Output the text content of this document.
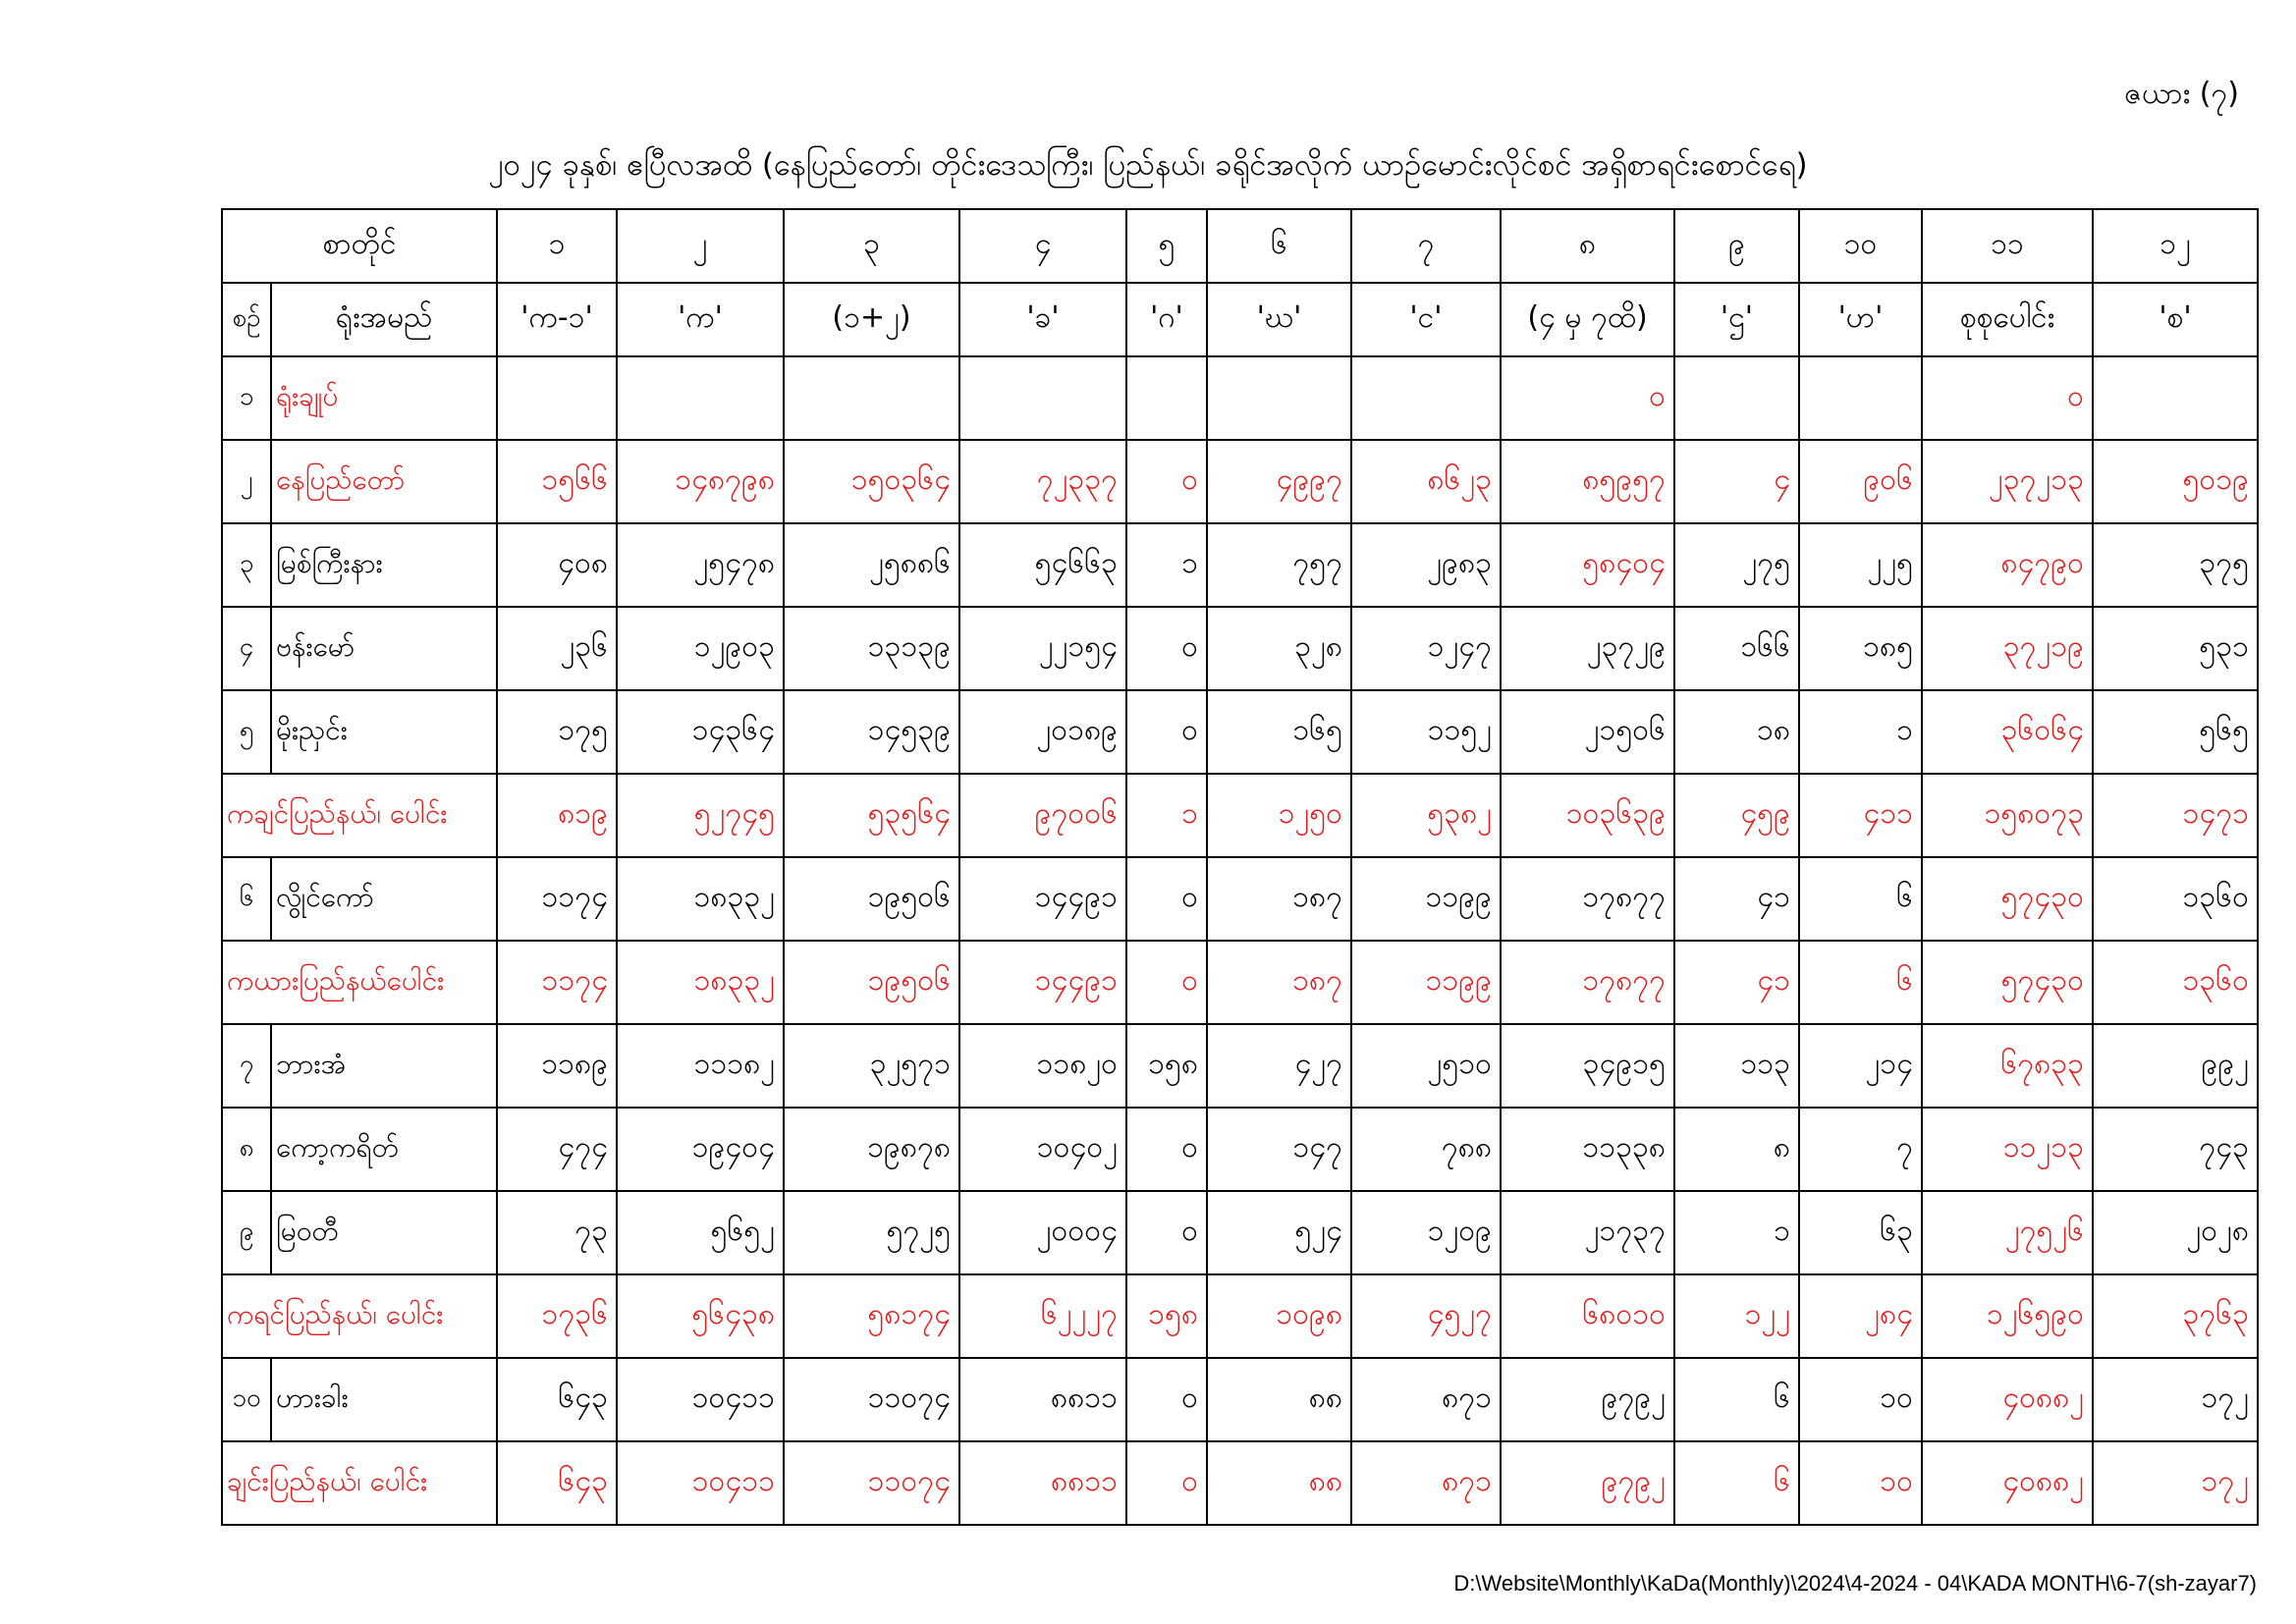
ဇယား (၇)
၂၀၂၄ ခုနှစ်၊ ဧပြီလအထိ (နေပြည်တော်၊ တိုင်းဒေသကြီး၊ ပြည်နယ်၊ ခရိုင်အလိုက် ယာဉ်မောင်းလိုင်စင် အရှိစာရင်းစောင်ရေ)
စာတိုင်		၁	၂	၃	၄	၅	၆	၇	၈	၉	၁၀	၁၁	၁၂
စဉ်	ရုံးအမည်	'က-၁'	'က'	(၁+၂)	'ခ'	'ဂ'	'ဃ'	'င'	(၄ မှ ၇ထိ)	'ဌ'	'ဟ'	စုစုပေါင်း	'စ'
၁	ရုံးချုပ်								၀			၀	
၂	နေပြည်တော်	၁၅၆၆	၁၄၈၇၉၈	၁၅၀၃၆၄	၇၂၃၃၇	၀	၄၉၉၇	၈၆၂၃	၈၅၉၅၇	၄	၉၀၆	၂၃၇၂၁၃	၅၀၁၉
၃	မြစ်ကြီးနား	၄၀၈	၂၅၄၇၈	၂၅၈၈၆	၅၄၆၆၃	၁	၇၅၇	၂၉၈၃	၅၈၄၀၄	၂၇၅	၂၂၅	၈၄၇၉၀	၃၇၅
၄	ဗန်းမော်	၂၃၆	၁၂၉၀၃	၁၃၁၃၉	၂၂၁၅၄	၀	၃၂၈	၁၂၄၇	၂၃၇၂၉	၁၆၆	၁၈၅	၃၇၂၁၉	၅၃၁
၅	မိုးညှင်း	၁၇၅	၁၄၃၆၄	၁၄၅၃၉	၂၀၁၈၉	၀	၁၆၅	၁၁၅၂	၂၁၅၀၆	၁၈	၁	၃၆၀၆၄	၅၆၅
ကချင်ပြည်နယ်၊ ပေါင်း		၈၁၉	၅၂၇၄၅	၅၃၅၆၄	၉၇၀၀၆	၁	၁၂၅၀	၅၃၈၂	၁၀၃၆၃၉	၄၅၉	၄၁၁	၁၅၈၀၇၃	၁၄၇၁
၆	လွိုင်ကော်	၁၁၇၄	၁၈၃၃၂	၁၉၅၀၆	၁၄၄၉၁	၀	၁၈၇	၁၁၉၉	၁၇၈၇၇	၄၁	၆	၅၇၄၃၀	၁၃၆၀
ကယားပြည်နယ်ပေါင်း		၁၁၇၄	၁၈၃၃၂	၁၉၅၀၆	၁၄၄၉၁	၀	၁၈၇	၁၁၉၉	၁၇၈၇၇	၄၁	၆	၅၇၄၃၀	၁၃၆၀
၇	ဘားအံ	၁၁၈၉	၁၁၁၈၂	၃၂၅၇၁	၁၁၈၂၀	၁၅၈	၄၂၇	၂၅၁၀	၃၄၉၁၅	၁၁၃	၂၁၄	၆၇၈၃၃	၉၉၂
၈	ကော့ကရိတ်	၄၇၄	၁၉၄၀၄	၁၉၈၇၈	၁၀၄၀၂	၀	၁၄၇	၇၈၈	၁၁၃၃၈	၈	၇	၁၁၂၁၃	၇၄၃
၉	မြဝတီ	၇၃	၅၆၅၂	၅၇၂၅	၂၀၀၀၄	၀	၅၂၄	၁၂၀၉	၂၁၇၃၇	၁	၆၃	၂၇၅၂၆	၂၀၂၈
ကရင်ပြည်နယ်၊ ပေါင်း		၁၇၃၆	၅၆၄၃၈	၅၈၁၇၄	၆၂၂၂၇	၁၅၈	၁၀၉၈	၄၅၂၇	၆၈၀၁၀	၁၂၂	၂၈၄	၁၂၆၅၉၀	၃၇၆၃
၁၀	ဟားခါး	၆၄၃	၁၀၄၁၁	၁၁၀၇၄	၈၈၁၁	၀	၈၈	၈၇၁	၉၇၉၂	၆	၁၀	၄၀၈၈၂	၁၇၂
ချင်းပြည်နယ်၊ ပေါင်း		၆၄၃	၁၀၄၁၁	၁၁၀၇၄	၈၈၁၁	၀	၈၈	၈၇၁	၉၇၉၂	၆	၁၀	၄၀၈၈၂	၁၇၂
D:\Website\Monthly\KaDa(Monthly)\2024\4-2024 - 04\KADA MONTH\6-7(sh-zayar7)
